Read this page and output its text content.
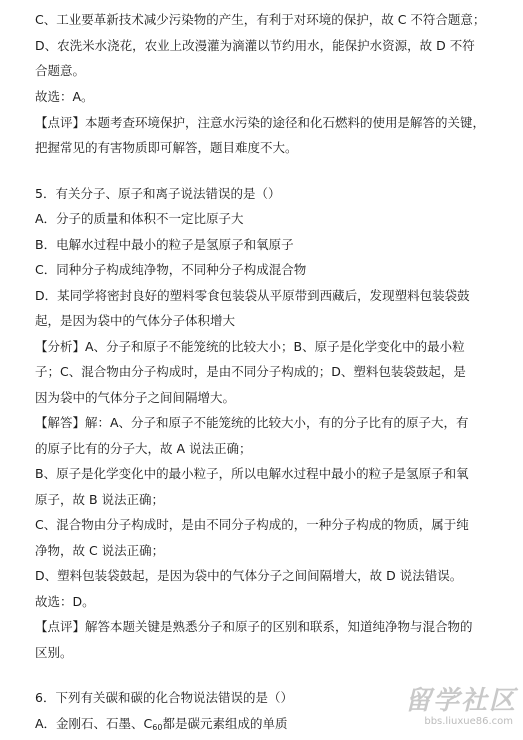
C、工业要革新技术减少污染物的产生，有利于对环境的保护，故 C 不符合题意；
D、农洗米水浇花，农业上改漫灌为滴灌以节约用水，能保护水资源，故 D 不符
合题意。
故选：A。
【点评】本题考查环境保护，注意水污染的途径和化石燃料的使用是解答的关键，
把握常见的有害物质即可解答，题目难度不大。
5．有关分子、原子和离子说法错误的是（）
A．分子的质量和体积不一定比原子大
B．电解水过程中最小的粒子是氢原子和氧原子
C．同种分子构成纯净物，不同种分子构成混合物
D．某同学将密封良好的塑料零食包装袋从平原带到西藏后，发现塑料包装袋鼓
起，是因为袋中的气体分子体积增大
【分析】A、分子和原子不能笼统的比较大小；B、原子是化学变化中的最小粒
子；C、混合物由分子构成时，是由不同分子构成的；D、塑料包装袋鼓起，是
因为袋中的气体分子之间间隔增大。
【解答】解：A、分子和原子不能笼统的比较大小，有的分子比有的原子大，有
的原子比有的分子大，故 A 说法正确；
B、原子是化学变化中的最小粒子，所以电解水过程中最小的粒子是氢原子和氧
原子，故 B 说法正确；
C、混合物由分子构成时，是由不同分子构成的，一种分子构成的物质，属于纯
净物，故 C 说法正确；
D、塑料包装袋鼓起，是因为袋中的气体分子之间间隔增大，故 D 说法错误。
故选：D。
【点评】解答本题关键是熟悉分子和原子的区别和联系，知道纯净物与混合物的
区别。
6．下列有关碳和碳的化合物说法错误的是（）
A．金刚石、石墨、$C_{60}$都是碳元素组成的单质
留学社区
bbs.liuxue86.com
